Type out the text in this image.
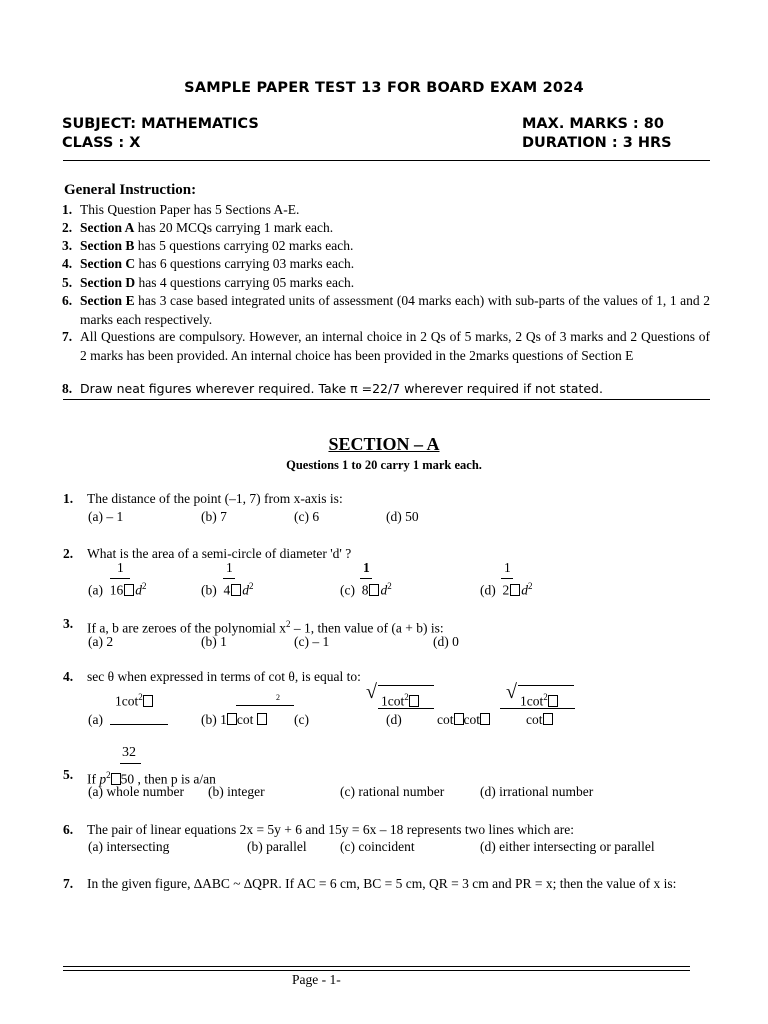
SAMPLE PAPER TEST 13 FOR BOARD EXAM 2024
SUBJECT: MATHEMATICS	MAX. MARKS : 80
CLASS : X	DURATION : 3 HRS
General Instruction:
1. This Question Paper has 5 Sections A-E.
2. Section A has 20 MCQs carrying 1 mark each.
3. Section B has 5 questions carrying 02 marks each.
4. Section C has 6 questions carrying 03 marks each.
5. Section D has 4 questions carrying 05 marks each.
6. Section E has 3 case based integrated units of assessment (04 marks each) with sub-parts of the values of 1, 1 and 2 marks each respectively.
7. All Questions are compulsory. However, an internal choice in 2 Qs of 5 marks, 2 Qs of 3 marks and 2 Questions of 2 marks has been provided. An internal choice has been provided in the 2marks questions of Section E
8. Draw neat figures wherever required. Take π =22/7 wherever required if not stated.
SECTION – A
Questions 1 to 20 carry 1 mark each.
1. The distance of the point (–1, 7) from x-axis is:
(a) – 1	(b) 7	(c) 6	(d) 50
2. What is the area of a semi-circle of diameter 'd' ?
1
(a) 16 $d^2$
1
(b) 4 $d^2$
1
(c) 8 $d^2$
1
(d) 2 $d^2$
3. If a, b are zeroes of the polynomial $x^2 - 1$, then value of (a + b) is:
(a) 2	(b) 1	(c) – 1	(d) 0
4. sec θ when expressed in terms of cot θ, is equal to:
$1\cot^2$
(a)
2
(b) 1 cot	(c)
√ $1\cot^2$
(d)	cot cot
√ $1\cot^2$
cot
32
5. If $p^2$ 50 , then p is a/an
(a) whole number (b) integer	(c) rational number	(d) irrational number
6. The pair of linear equations 2x = 5y + 6 and 15y = 6x – 18 represents two lines which are:
(a) intersecting	(b) parallel (c) coincident	(d) either intersecting or parallel
7. In the given figure, ∆ABC ~ ∆QPR. If AC = 6 cm, BC = 5 cm, QR = 3 cm and PR = x; then the value of x is:
Page - 1-
